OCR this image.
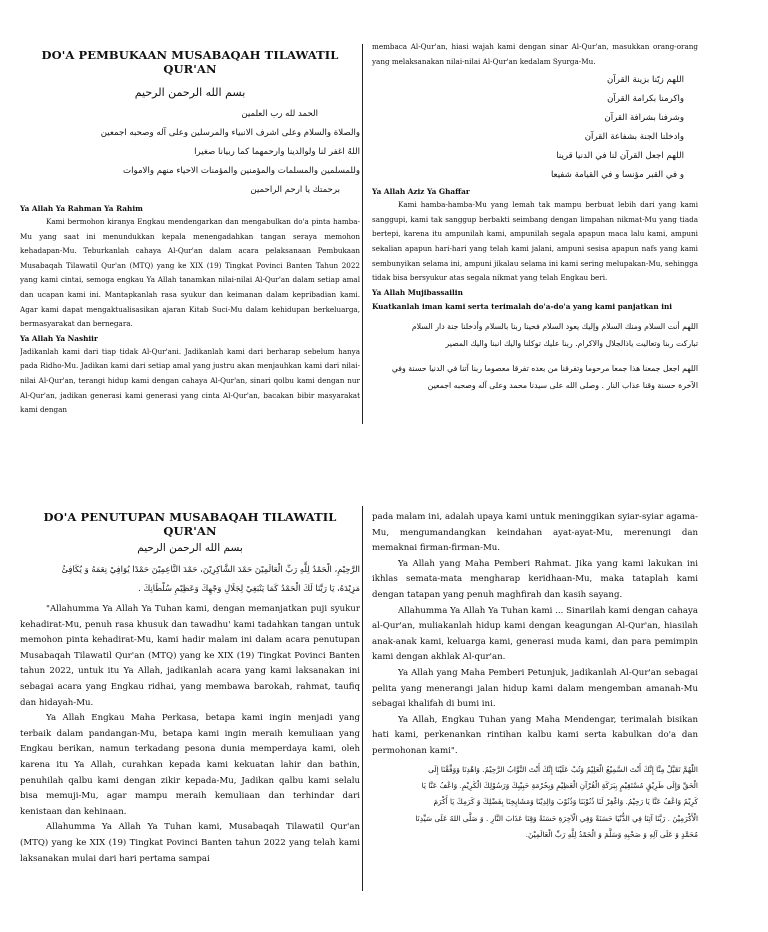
DO'A PEMBUKAAN MUSABAQAH TILAWATIL QUR'AN

بسم الله الرحمن الرحيم
الحمد لله رب العلمين
والصلاة والسلام وعلى اشرف الانبياء والمرسلين وعلى آله وصحبه اجمعين
اللهُ اغفر لنا ولوالدينا وارحمهما كما ربيانا صغيرا
وللمسلمين والمسلمات والمؤمنين والمؤمنات الاحياء منهم والاموات
برحمتك يا ارحم الراحمين

Ya Allah Ya Rahman Ya Rahim

Kami bermohon kiranya Engkau mendengarkan dan mengabulkan do'a pinta hamba-Mu yang saat ini menundukkan kepala menengadahkan tangan seraya memohon kehadapan-Mu. Teburkanlah cahaya Al-Qur'an dalam acara pelaksanaan Pembukaan Musabaqah Tilawatil Qur'an (MTQ) yang ke XIX (19) Tingkat Povinci Banten Tahun 2022 yang kami cintai, semoga engkau Ya Allah tanamkan nilai-nilai Al-Qur'an dalam setiap amal dan ucapan kami ini. Mantapkanlah rasa syukur dan keimanan dalam kepribadian kami. Agar kami dapat mengaktualisasikan ajaran Kitab Suci-Mu dalam kehidupan berkeluarga, bermasyarakat dan bernegara.

Ya Allah Ya Nashiir

Jadikanlah kami dari tiap tidak Al-Qur'ani. Jadikanlah kami dari berharap sebelum hanya pada Ridho-Mu. Jadikan kami dari setiap amal yang justru akan menjauhkan kami dari nilai-nilai Al-Qur'an, terangi hidup kami dengan cahaya Al-Qur'an, sinari qolbu kami dengan nur Al-Qur'an, jadikan generasi kami generasi yang cinta Al-Qur'an, bacakan bibir masyarakat kami dengan

membaca Al-Qur'an, hiasi wajah kami dengan sinar Al-Qur'an, masukkan orang-orang yang melaksanakan nilai-nilai Al-Qur'an kedalam Syurga-Mu.

اللهم زيّنا بزينة القرآن
واكرمنا بكرامة القرآن
وشرفنا بشرافة القرآن
وادخلنا الجنة بشفاعة القرآن
اللهم اجعل القرآن لنا في الدنيا قرينا
و في القبر مؤنسا و في القيامة شفيعا

Ya Allah Aziz Ya Ghaffar

Kami hamba-hamba-Mu yang lemah tak mampu berbuat lebih dari yang kami sanggupi, kami tak sanggup berbakti seimbang dengan limpahan nikmat-Mu yang tiada bertepi, karena itu ampunilah kami, ampunilah segala apapun maca lalu kami, ampuni sekalian apapun hari-hari yang telah kami jalani, ampuni sesisa apapun nafs yang kami sembunyikan selama ini, ampuni jikalau selama ini kami sering melupakan-Mu, sehingga tidak bisa bersyukur atas segala nikmat yang telah Engkau beri.

Ya Allah Mujibassailin

Kuatkanlah iman kami serta terimalah do'a-do'a yang kami panjatkan ini

اللهم أنت السلام ومنك السلام وإليك يعود السلام فحينا ربنا بالسلام وأدخلنا جنة دار السلام
تباركت ربنا وتعاليت ياذالجلال والاكرام. ربنا عليك توكلنا واليك انبنا واليك المصير
اللهم اجعل جمعنا هذا جمعا مرحوما وتفرقنا من بعده تفرقا معصوما ربنا آتنا في الدنيا حسنة وفي
الآخرة حسنة وقنا عذاب النار . وصلى الله على سيدنا محمد وعلى آله وصحبه اجمعين

DO'A PENUTUPAN MUSABAQAH TILAWATIL QUR'AN

بسم الله الرحمن الرحيم
الرَّحِيْمِ، الْحَمْدُ لِلَّهِ رَبِّ الْعَالَمِيْنَ حَمْدَ الشَّاكِرِيْنَ، حَمْدَ النَّاعِمِيْنَ حَمْدًا يُوَافِيْ نِعَمَهُ وَ يُكَافِئُ
مَزِيْدَهُ، يَا رَبَّنَا لَكَ الْحَمْدُ كَمَا يَنْبَغِيْ لِجَلَالِ وَجْهِكَ وَعَظِيْمِ سُلْطَانِكَ .

"Allahumma Ya Allah Ya Tuhan kami, dengan memanjatkan puji syukur kehadirat-Mu, penuh rasa khusuk dan tawadhu' kami tadahkan tangan untuk memohon pinta kehadirat-Mu, kami hadir malam ini dalam acara penutupan Musabaqah Tilawatil Qur'an (MTQ) yang ke XIX (19) Tingkat Povinci Banten tahun 2022, untuk itu Ya Allah, jadikanlah acara yang kami laksanakan ini sebagai acara yang Engkau ridhai, yang membawa barokah, rahmat, taufiq dan hidayah-Mu.

Ya Allah Engkau Maha Perkasa, betapa kami ingin menjadi yang terbaik dalam pandangan-Mu, betapa kami ingin meraih kemuliaan yang Engkau berikan, namun terkadang pesona dunia memperdaya kami, oleh karena itu Ya Allah, curahkan kepada kami kekuatan lahir dan bathin, penuhilah qalbu kami dengan zikir kepada-Mu, Jadikan qalbu kami selalu bisa memuji-Mu, agar mampu meraih kemuliaan dan terhindar dari kenistaan dan kehinaan.

Allahumma Ya Allah Ya Tuhan kami, Musabaqah Tilawatil Qur'an (MTQ) yang ke XIX (19) Tingkat Povinci Banten tahun 2022 yang telah kami laksanakan mulai dari hari pertama sampai

pada malam ini, adalah upaya kami untuk meninggikan syiar-syiar agama-Mu, mengumandangkan keindahan ayat-ayat-Mu, merenungi dan memaknai firman-firman-Mu.

Ya Allah yang Maha Pemberi Rahmat. Jika yang kami lakukan ini ikhlas semata-mata mengharap keridhaan-Mu, maka tataplah kami dengan tatapan yang penuh maghfirah dan kasih sayang.

Allahumma Ya Allah Ya Tuhan kami ... Sinarilah kami dengan cahaya al-Qur'an, muliakanlah hidup kami dengan keagungan Al-Qur'an, hiasilah anak-anak kami, keluarga kami, generasi muda kami, dan para pemimpin kami dengan akhlak Al-qur'an.

Ya Allah yang Maha Pemberi Petunjuk, jadikanlah Al-Qur'an sebagai pelita yang menerangi jalan hidup kami dalam mengemban amanah-Mu sebagai khalifah di bumi ini.

Ya Allah, Engkau Tuhan yang Maha Mendengar, terimalah bisikan hati kami, perkenankan rintihan kalbu kami serta kabulkan do'a dan permohonan kami".

اللّٰهُمَّ تَقَبَّلْ مِنَّا إِنَّكَ أَنْتَ السَّمِيْعُ الْعَلِيْمُ وَتُبْ عَلَيْنَا إِنَّكَ أَنْتَ التَّوَّابُ الرَّحِيْمُ. وَاهْدِنَا وَوَفِّقْنَا إِلَى
الْحَقِّ وَإِلَى طَرِيْقٍ مُسْتَقِيْمٍ بِبَرَكَةِ الْقُرْآنِ الْعَظِيْمِ وَبِحُرْمَةِ حَبِيْبِكَ وَرَسُوْلِكَ الْكَرِيْمِ. وَاعْفُ عَنَّا يَا
كَرِيْمُ وَاعْفُ عَنَّا يَا رَحِيْمُ. وَاغْفِرْ لَنَا ذُنُوْبَنَا وَذُنُوْبَ وَالِدِيْنَا وَمَشَايِخِنَا بِفَضْلِكَ وَ كَرَمِكَ يَا أَكْرَمَ
الْأَكْرَمِيْنَ . رَبَّنَا آتِنَا فِي الدُّنْيَا حَسَنَةً وَفِي الْآخِرَةِ حَسَنَةً وَقِنَا عَذَابَ النَّارِ . وَ صَلَّى اللهُ عَلَى سَيِّدِنَا
مُحَمَّدٍ وَ عَلَى آلِهِ وَ صَحْبِهِ وَسَلَّمَ وَ الْحَمْدُ لِلَّهِ رَبِّ الْعَالَمِيْنَ.
